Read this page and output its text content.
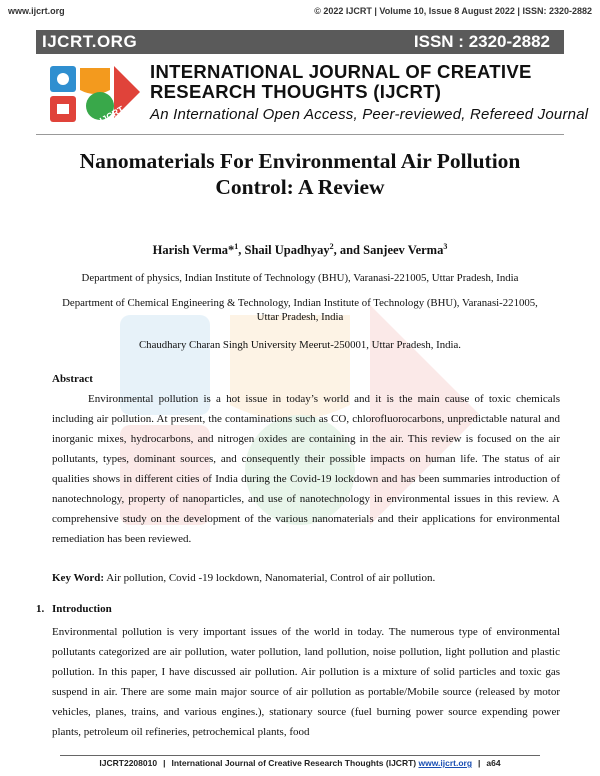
www.ijcrt.org	© 2022 IJCRT | Volume 10, Issue 8 August 2022 | ISSN: 2320-2882
IJCRT.ORG	ISSN : 2320-2882
IJCRT
INTERNATIONAL JOURNAL OF CREATIVE
RESEARCH THOUGHTS (IJCRT)
An International Open Access, Peer-reviewed, Refereed Journal
Nanomaterials For Environmental Air Pollution
Control: A Review
Harish Verma*$^1$, Shail Upadhyay$^2$, and Sanjeev Verma$^3$
Department of physics, Indian Institute of Technology (BHU), Varanasi-221005, Uttar Pradesh, India
Department of Chemical Engineering & Technology, Indian Institute of Technology (BHU), Varanasi-221005, Uttar Pradesh, India
Chaudhary Charan Singh University Meerut-250001, Uttar Pradesh, India.
Abstract
Environmental pollution is a hot issue in today’s world and it is the main cause of toxic chemicals including air pollution. At present, the contaminations such as CO, chlorofluorocarbons, unpredictable natural and inorganic mixes, hydrocarbons, and nitrogen oxides are containing in the air. This review is focused on the air pollutants, types, dominant sources, and consequently their possible impacts on human life. The status of air qualities shows in different cities of India during the Covid-19 lockdown and has been summaries introduction of nanotechnology, property of nanoparticles, and use of nanotechnology in environmental issues in this review. A comprehensive study on the development of the various nanomaterials and their applications for environmental remediation has been reviewed.
Key Word: Air pollution, Covid -19 lockdown, Nanomaterial, Control of air pollution.
1. Introduction
Environmental pollution is very important issues of the world in today. The numerous type of environmental pollutants categorized are air pollution, water pollution, land pollution, noise pollution, light pollution and plastic pollution. In this paper, I have discussed air pollution. Air pollution is a mixture of solid particles and toxic gas suspend in air. There are some main major source of air pollution as portable/Mobile source (released by motor vehicles, planes, trains, and various engines.), stationary source (fuel burning power source expending power plants, petroleum oil refineries, petrochemical plants, food
IJCRT2208010 | International Journal of Creative Research Thoughts (IJCRT) www.ijcrt.org | a64
